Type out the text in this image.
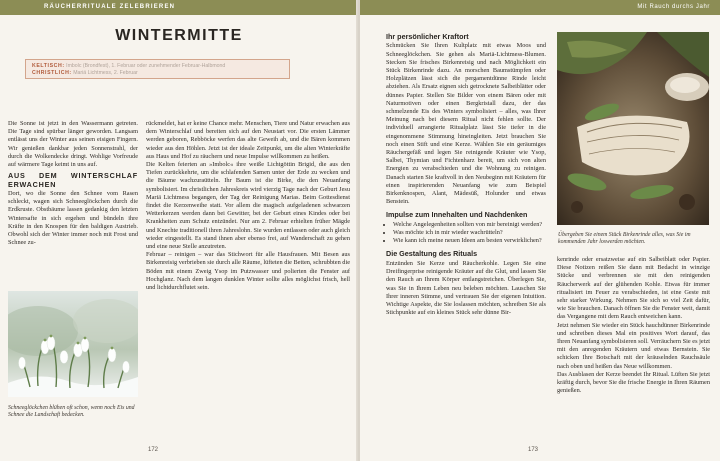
RÄUCHERRITUALE ZELEBRIEREN
WINTERMITTE
KELTISCH: Imbolc (Brondfest), 1. Februar oder zunehmender Februar-Halbmond
CHRISTLICH: Mariä Lichtmess, 2. Februar

Die Sonne ist jetzt in den Wassermann getreten. Die Tage sind spürbar länger geworden. Langsam entlässt uns der Winter aus seinen eisigen Fingern. Wir genießen dankbar jeden Sonnenstrahl, der durch die Wolkendecke dringt. Wohlige Vorfreude auf wärmere Tage keimt in uns auf.

AUS DEM WINTERSCHLAF ERWACHEN

Dort, wo die Sonne den Schnee vom Rasen schleckt, wagen sich Schneeglöckchen durch die Erdkruste. Obstbäume lassen gedankig den letzten Wintersafte in sich ergehen und bündeln ihre Kräfte in den Knospen für den baldigen Austrieb. Obwohl sich der Winter immer noch mit Frost und Schnee zu-

Schneeglöckchen blühen oft schon, wenn noch Eis und Schnee die Landschaft bedecken.

rückmeldet, hat er keine Chance mehr. Menschen, Tiere und Natur erwachen aus dem Winterschlaf und bereiten sich auf den Neustart vor. Die ersten Lämmer werden geboren, Rebböcke werfen das alte Geweih ab, und die Bären kommen wieder aus den Höhlen. Jetzt ist der ideale Zeitpunkt, um die alten Winterkräfte aus Haus und Hof zu räuchern und neue Impulse willkommen zu heißen.

Die Kelten feierten an »Imbolc« ihre weiße Lichtgöttin Brigid, die aus den Tiefen zurückkehrte, um die schlafenden Samen unter der Erde zu wecken und die Bäume wachzuraütteln. Ihr Baum ist die Birke, die den Neuanfang symbolisiert. Im christlichen Jahreskreis wird vierzig Tage nach der Geburt Jesu Mariä Lichtmess begangen, der Tag der Reinigung Marias. Beim Gottesdienst findet die Kerzenweihe statt. Vor allem die magisch aufgeladenen schwarzen Wetterkerzen werden dann bei Gewitter, bei der Geburt eines Kindes oder bei Krankheiten zum Schutz entzündet. Nur am 2. Februar erhielten früher Mägde und Knechte traditionell ihren Jahreslohn. Sie wurden entlassen oder auch gleich wieder eingestellt. Es stand ihnen aber ebenso frei, auf Wanderschaft zu gehen und eine neue Stelle anzutreten.

Februar – reinigen – war das Stichwort für alle Hausfrauen. Mit Besen aus Birkenreisig verbrieben sie durch alle Räume, lüfteten die Betten, schrubbten die Böden mit einem Zweig Ysop im Putzwasser und polierten die Fenster auf Hochglanz. Nach dem langen dunklen Winter sollte alles möglichst frisch, hell und lichtdurchflutet sein.

172
Mit Rauch durchs Jahr
Ihr persönlicher Kraftort

Schmücken Sie Ihren Kultplatz mit etwas Moos und Schneeglöckchen. Sie gehen als Mariä-Lichtmess-Blumen. Stecken Sie frisches Birkenreisig und nach Möglichkeit ein Stück Birkenrinde dazu. An morschen Baumstümpfen oder Holzplätzen lässt sich die pergamentdünne Rinde leicht abziehen. Als Ersatz eignen sich getrocknete Salbeiblätter oder dünnes Papier. Stellen Sie Bilder von einem Bären oder mit Naturmotiven oder einen Bergkristall dazu, der das schmelzende Eis des Winters symbolisiert – alles, was Ihrer Meinung nach bei diesem Ritual nicht fehlen sollte. Der individuell arrangierte Ritualplatz lässt Sie tiefer in die eingenommene Stimmung hineingleiten. Jetzt brauchen Sie noch einen Stift und eine Kerze. Wählen Sie ein geräumiges Räuchergefäß und legen Sie reinigende Kräuter wie Ysop, Salbei, Thymian und Fichtenharz bereit, um sich von alten Energien zu verabschieden und die Wohnung zu reinigen. Danach starten Sie kraftvoll in den Neubeginn mit Kräutern für einen inspirierenden Neuanfang wie zum Beispiel Birkenknospen, Alant, Mädesüß, Holunder und etwas Benstein.

Impulse zum Innehalten und Nachdenken
• Welche Angelegenheiten sollten von mir bereinigt werden?
• Was möchte ich in mir wieder wachrütteln?
• Wie kann ich meine neuen Ideen am besten verwirklichen?
Die Gestaltung des Rituals

Entzünden Sie Kerze und Räucherkohle. Legen Sie eine Dreifingerprise reinigende Kräuter auf die Glut, und lassen Sie den Rauch an Ihrem Körper entlangstreichen. Überlegen Sie, was Sie in Ihrem Leben neu beleben möchten. Lauschen Sie Ihrer inneren Stimme, und vertrauen Sie der eigenen Intuition. Wichtige Aspekte, die Sie loslassen möchten, schreiben Sie als Stichpunkte auf ein kleines Stück sehr dünne Bir-

Übergeben Sie einem Stück Birkenrinde alles, was Sie im kommenden Jahr loswerden möchten.

kenrinde oder ersatzweise auf ein Salbeiblatt oder Papier. Diese Notizen reißen Sie dann mit Bedacht in winzige Stücke und verbrennen sie mit den reinigenden Räucherwerk auf der glühenden Kohle. Etwas für immer ritualisiert im Feuer zu verabschieden, ist eine Geste mit sehr starker Wirkung. Nehmen Sie sich so viel Zeit dafür, wie Sie brauchen. Danach öffnen Sie die Fenster weit, damit das Vergangene mit dem Rauch entweichen kann.

Jetzt nehmen Sie wieder ein Stück hauchdünner Birkenrinde und schreiben dieses Mal ein positives Wort darauf, das Ihren Neuanfang symbolisieren soll. Verräuchern Sie es jetzt mit den anregenden Kräutern und etwas Bernstein. Sie schicken Ihre Botschaft mit der kräuselnden Rauchsäule nach oben und heißen das Neue willkommen.

Das Ausblasen der Kerze beendet Ihr Ritual. Lüften Sie jetzt kräftig durch, bevor Sie die frische Energie in Ihren Räumen genießen.

173
